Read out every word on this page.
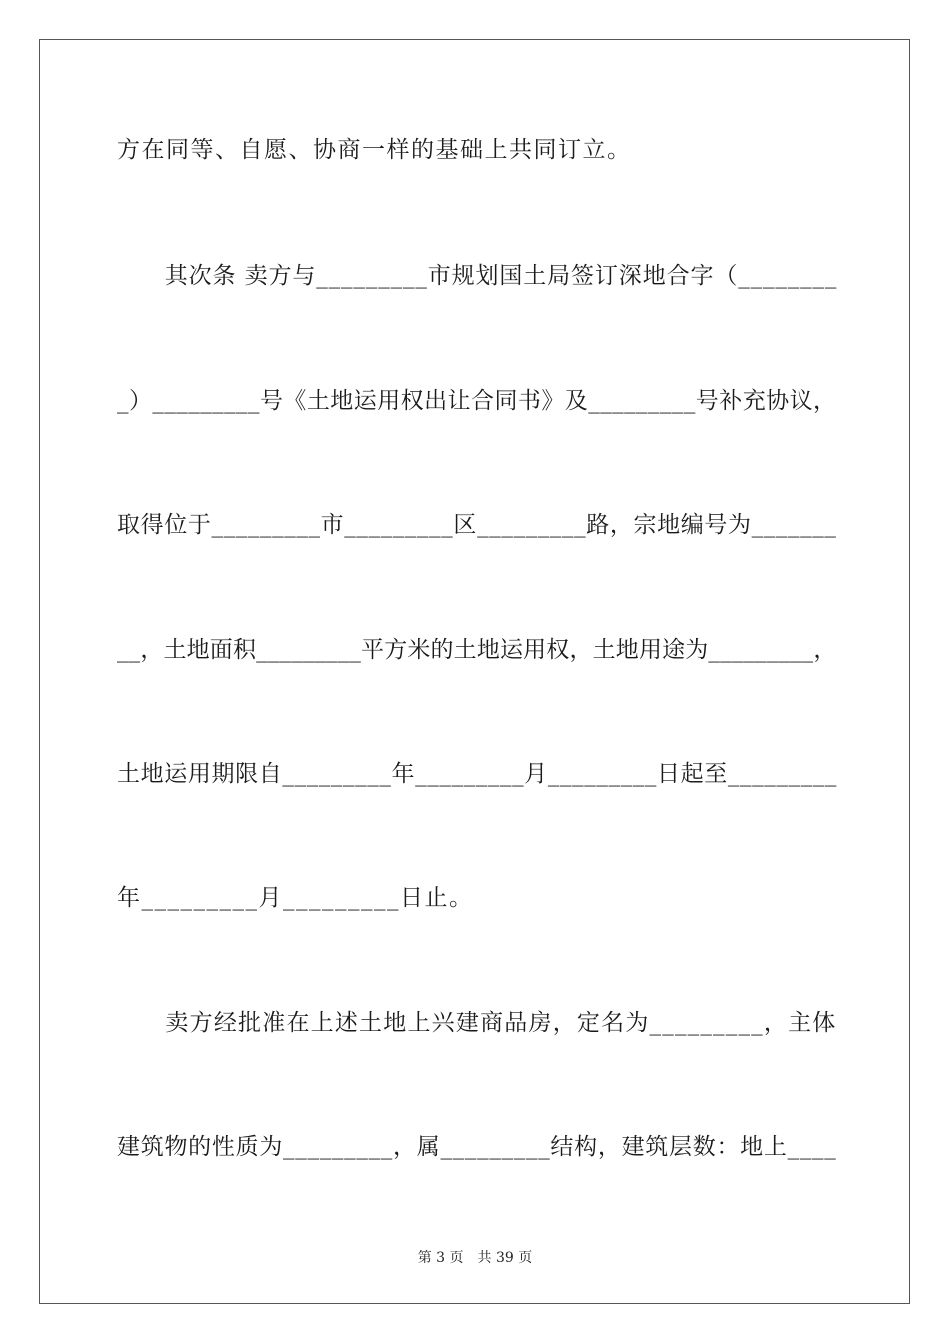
方在同等、自愿、协商一样的基础上共同订立。
　　其次条 卖方与_________市规划国土局签订深地合字（________
_）_________号《土地运用权出让合同书》及_________号补充协议，
取得位于_________市_________区_________路，宗地编号为_______
__，土地面积_________平方米的土地运用权，土地用途为_________，
土地运用期限自_________年_________月_________日起至_________
年_________月_________日止。
　　卖方经批准在上述土地上兴建商品房，定名为_________，主体
建筑物的性质为_________，属_________结构，建筑层数：地上____
第 3 页　共 39 页
